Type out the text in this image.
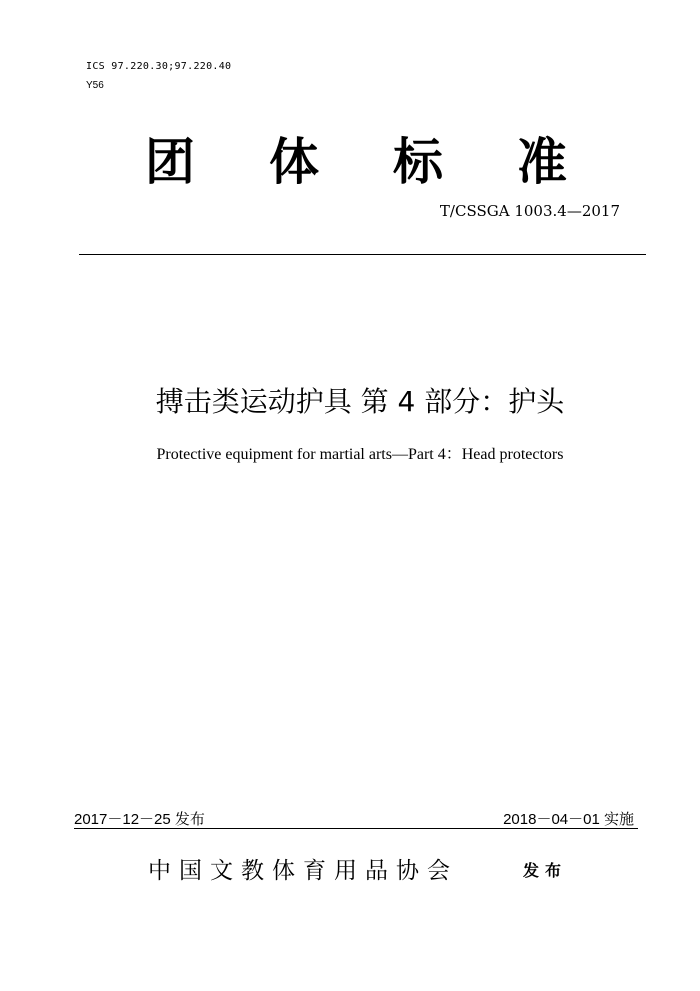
ICS 97.220.30;97.220.40
Y56
团 体 标 准
T/CSSGA 1003.4—2017
搏击类运动护具 第 4 部分：护头
Protective equipment for martial arts—Part 4：Head protectors
2017－12－25 发布	2018－04－01 实施
中国文教体育用品协会	发布
